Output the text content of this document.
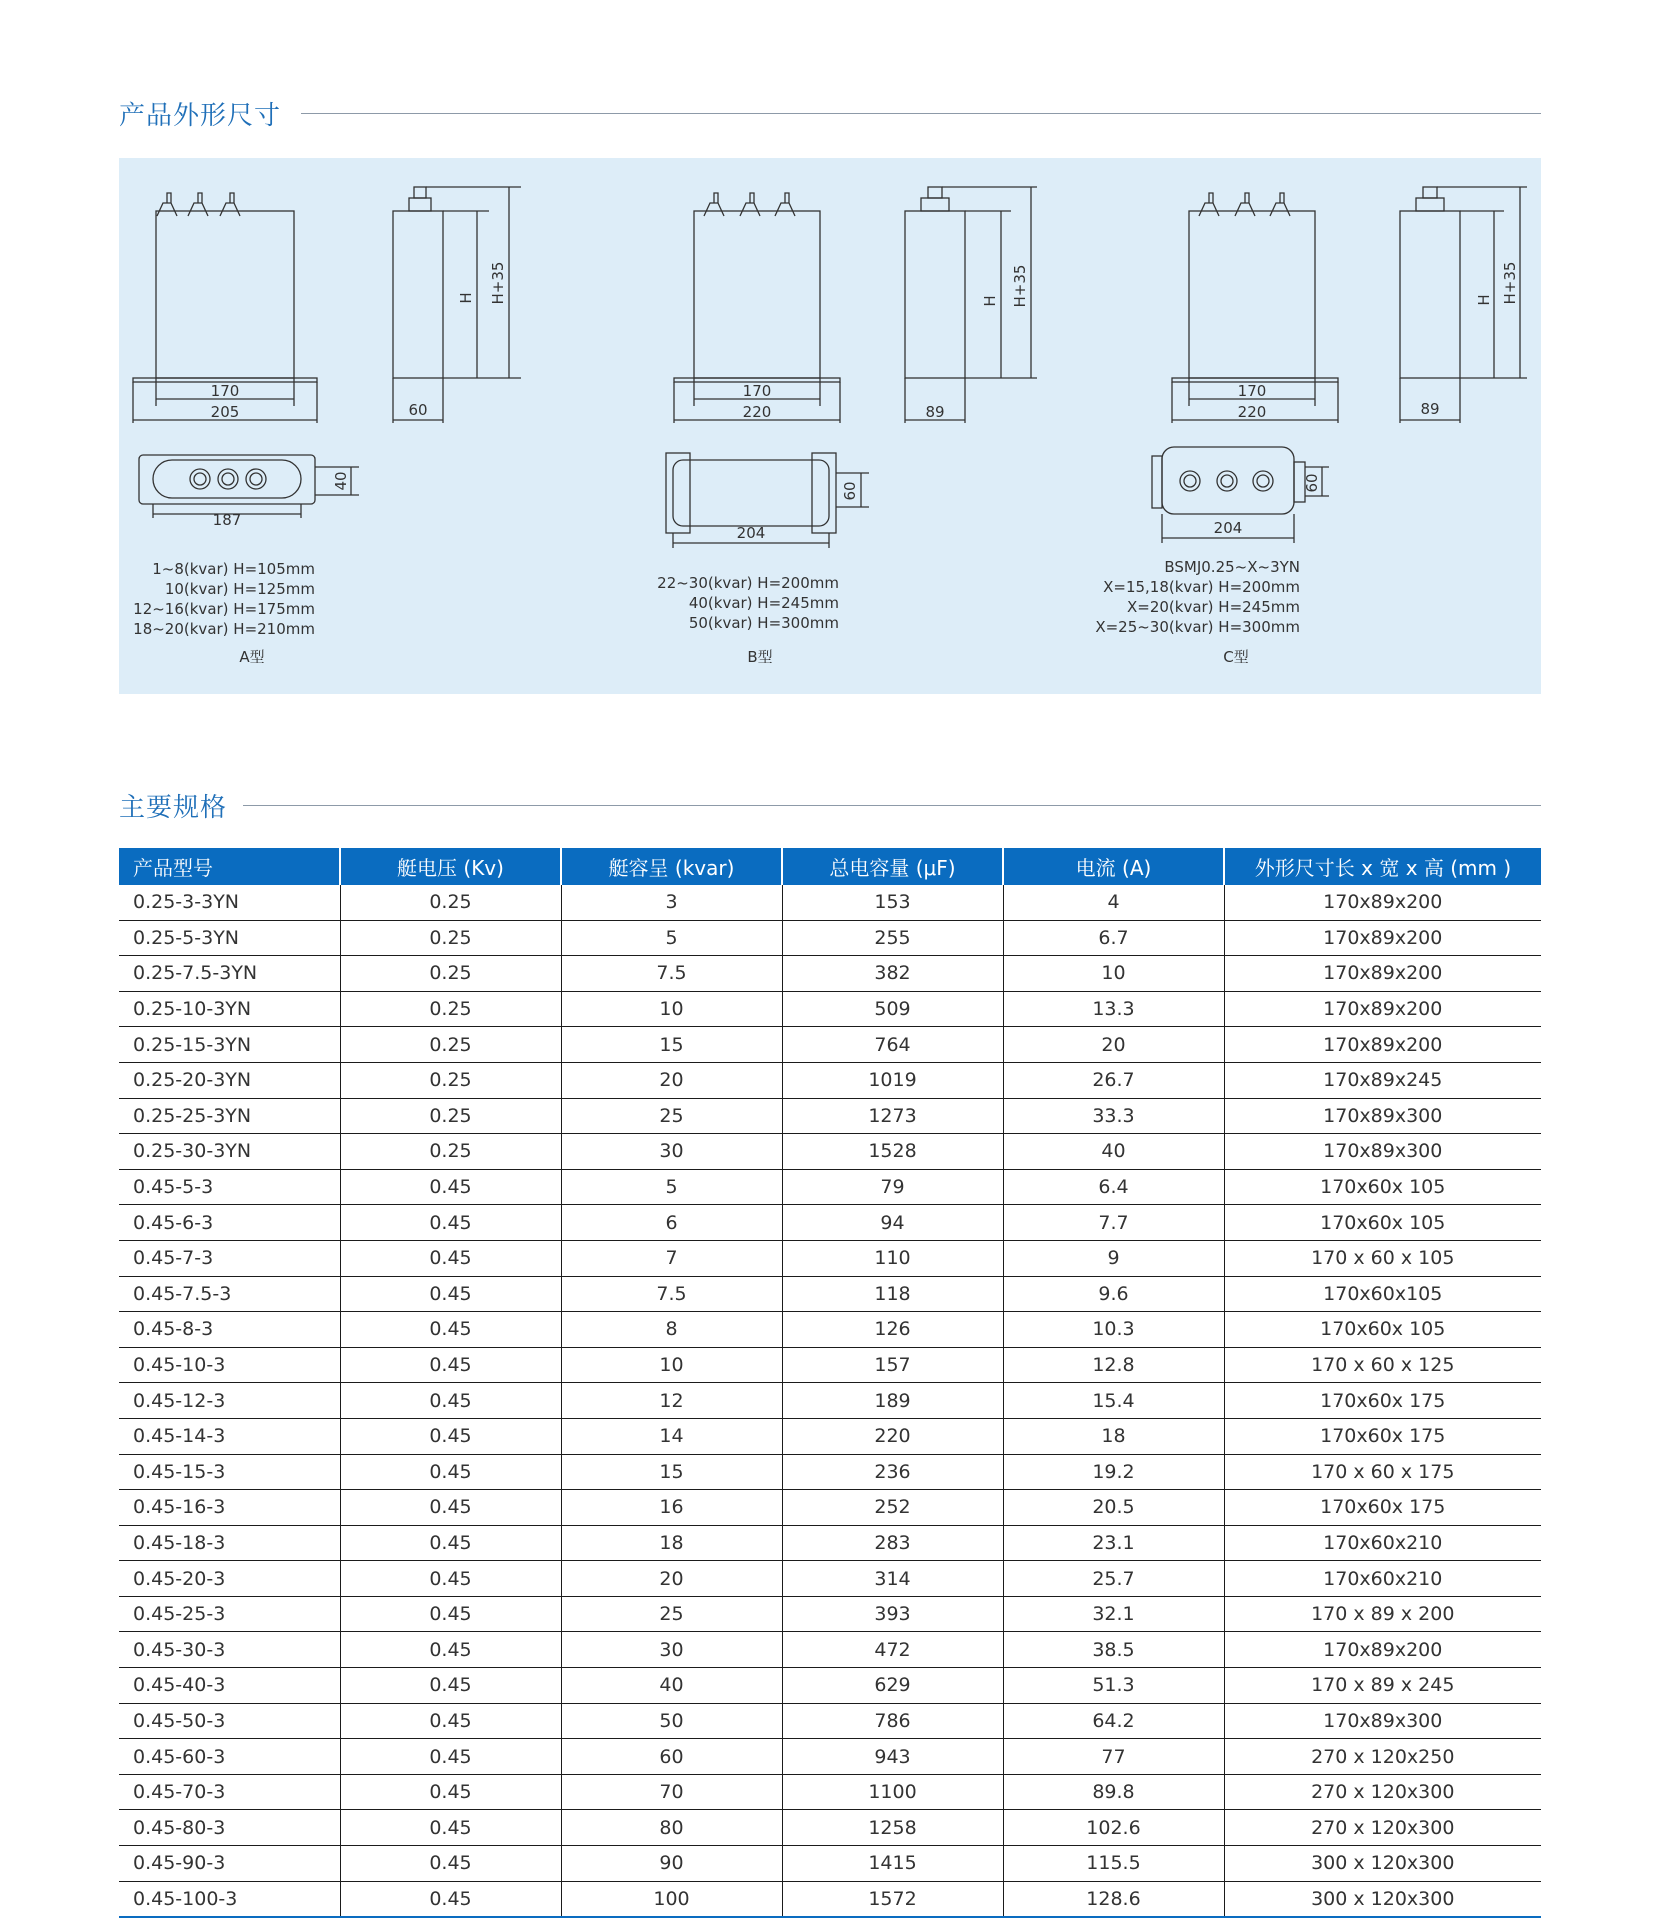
产品外形尺寸
170
205	60
H H+35
187
40
1~8(kvar) H=105mm
10(kvar) H=125mm
12~16(kvar) H=175mm
18~20(kvar) H=210mm
A型
170
220	89
H H+35
204
60
22~30(kvar) H=200mm
40(kvar) H=245mm
50(kvar) H=300mm
B型
170
220	89
H H+35
204
60
BSMJ0.25~X~3YN
X=15,18(kvar) H=200mm
X=20(kvar) H=245mm
X=25~30(kvar) H=300mm
C型
主要规格
产品型号	艇电压 (Kv)	艇容呈 (kvar)	总电容量 (μF)	电流 (A)	外形尺寸长 x 宽 x 高 (mm )
0.25-3-3YN	0.25	3	153	4	170x89x200
0.25-5-3YN	0.25	5	255	6.7	170x89x200
0.25-7.5-3YN	0.25	7.5	382	10	170x89x200
0.25-10-3YN	0.25	10	509	13.3	170x89x200
0.25-15-3YN	0.25	15	764	20	170x89x200
0.25-20-3YN	0.25	20	1019	26.7	170x89x245
0.25-25-3YN	0.25	25	1273	33.3	170x89x300
0.25-30-3YN	0.25	30	1528	40	170x89x300
0.45-5-3	0.45	5	79	6.4	170x60x 105
0.45-6-3	0.45	6	94	7.7	170x60x 105
0.45-7-3	0.45	7	110	9	170 x 60 x 105
0.45-7.5-3	0.45	7.5	118	9.6	170x60x105
0.45-8-3	0.45	8	126	10.3	170x60x 105
0.45-10-3	0.45	10	157	12.8	170 x 60 x 125
0.45-12-3	0.45	12	189	15.4	170x60x 175
0.45-14-3	0.45	14	220	18	170x60x 175
0.45-15-3	0.45	15	236	19.2	170 x 60 x 175
0.45-16-3	0.45	16	252	20.5	170x60x 175
0.45-18-3	0.45	18	283	23.1	170x60x210
0.45-20-3	0.45	20	314	25.7	170x60x210
0.45-25-3	0.45	25	393	32.1	170 x 89 x 200
0.45-30-3	0.45	30	472	38.5	170x89x200
0.45-40-3	0.45	40	629	51.3	170 x 89 x 245
0.45-50-3	0.45	50	786	64.2	170x89x300
0.45-60-3	0.45	60	943	77	270 x 120x250
0.45-70-3	0.45	70	1100	89.8	270 x 120x300
0.45-80-3	0.45	80	1258	102.6	270 x 120x300
0.45-90-3	0.45	90	1415	115.5	300 x 120x300
0.45-100-3	0.45	100	1572	128.6	300 x 120x300
